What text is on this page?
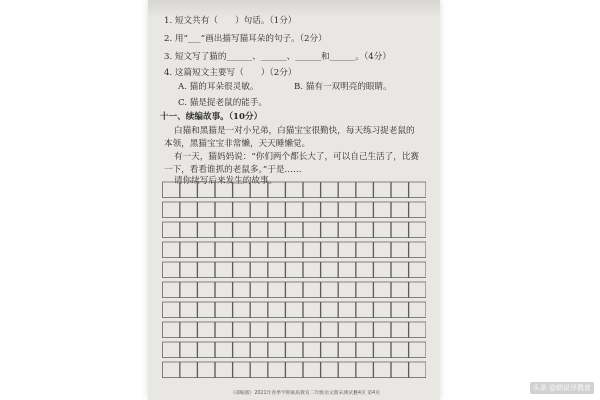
1. 短文共有（　　）句话。（1分）
2. 用“___”画出描写猫耳朵的句子。（2分）
3. 短文写了猫的______、______、______和______。（4分）
4. 这篇短文主要写（　　）（2分）
A. 猫的耳朵很灵敏。	B. 猫有一双明亮的眼睛。
C. 猫是捉老鼠的能手。
十一、续编故事。（10分）
白猫和黑猫是一对小兄弟，白猫宝宝很勤快，每天练习捉老鼠的
本领，黑猫宝宝非常懒，天天睡懒觉。
有一天，猫妈妈说：“你们两个都长大了，可以自己生活了，比赛
一下，看看谁抓的老鼠多。”于是……
请你续写后来发生的故事。
（部编版）2021年春季学期素质教育二年级语文期末测试卷
共4页 第4页
头条 @朗说评教育
